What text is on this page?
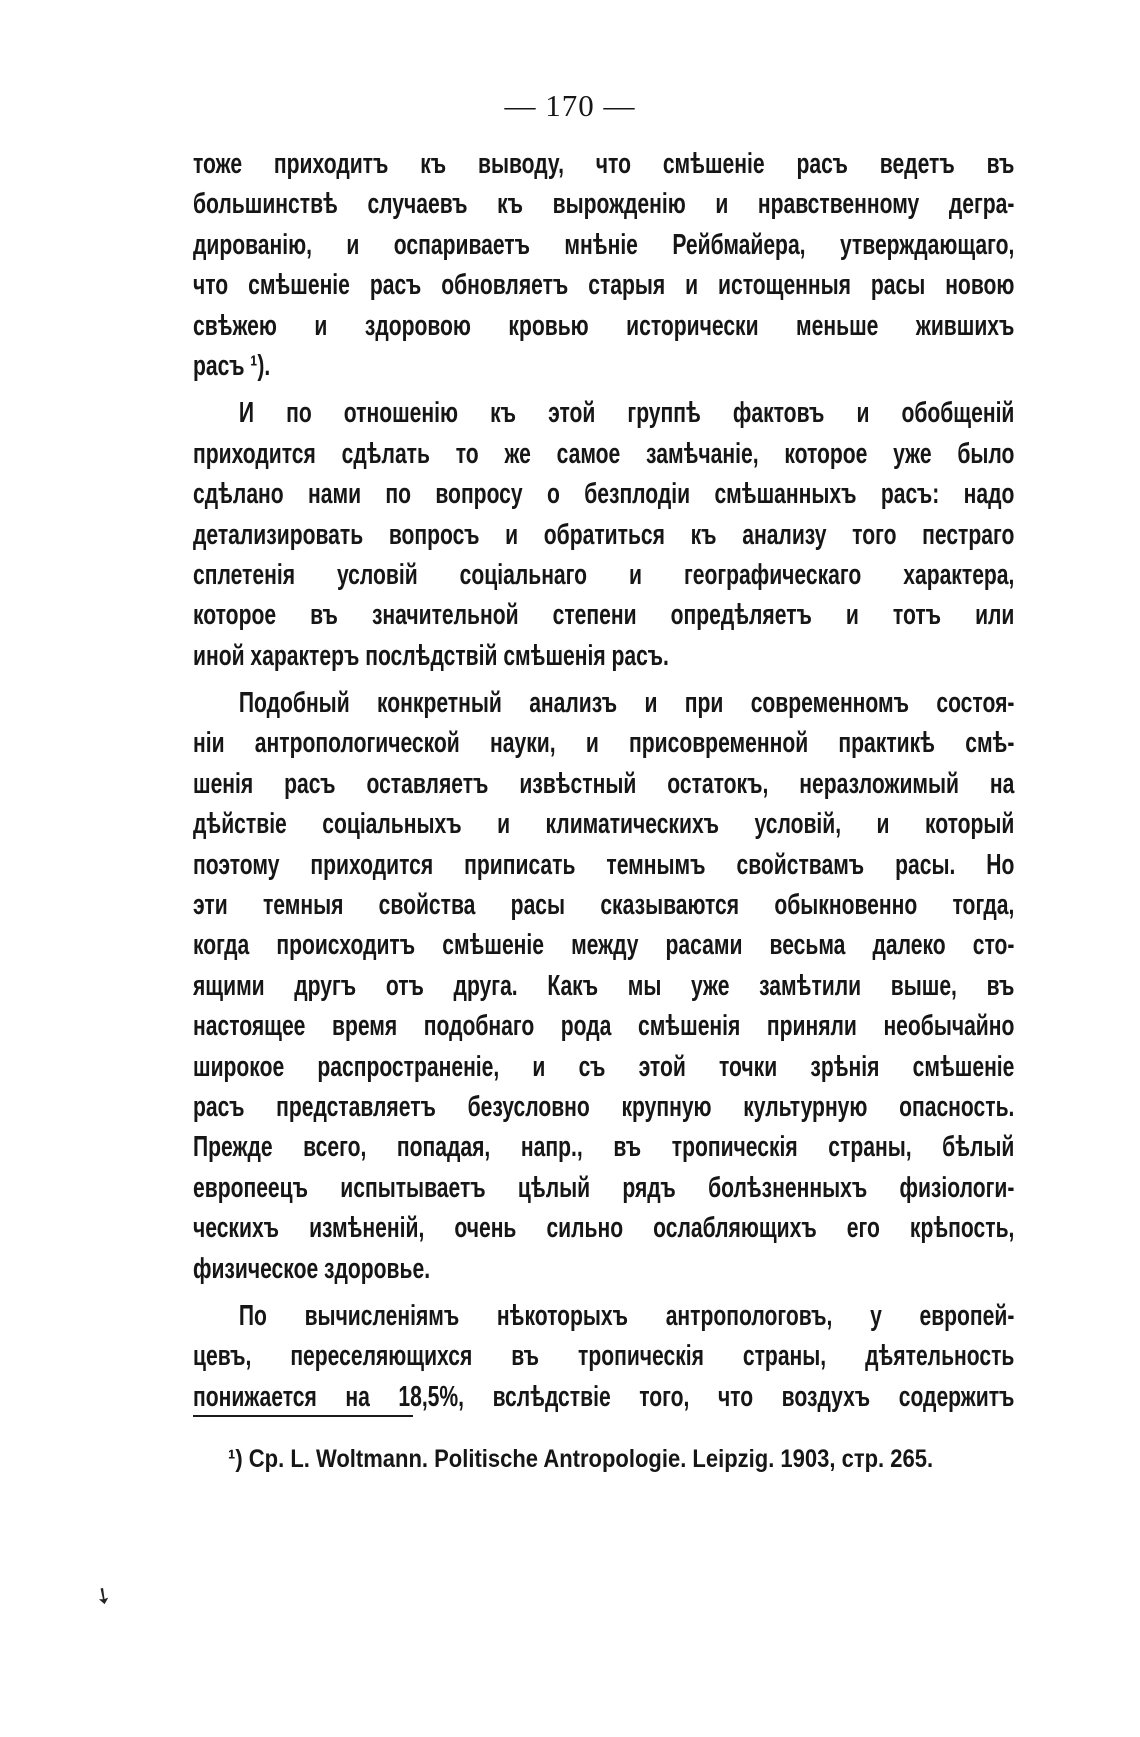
— 170 —
тоже приходитъ къ выводу, что смѣшеніе расъ ведетъ въ
большинствѣ случаевъ къ вырожденію и нравственному дегра-
дированію, и оспариваетъ мнѣніе Рейбмайера, утверждающаго,
что смѣшеніе расъ обновляетъ старыя и истощенныя расы новою
свѣжею и здоровою кровью исторически меньше жившихъ
расъ ¹).
И по отношенію къ этой группѣ фактовъ и обобщеній
приходится сдѣлать то же самое замѣчаніе, которое уже было
сдѣлано нами по вопросу о безплодіи смѣшанныхъ расъ: надо
детализировать вопросъ и обратиться къ анализу того пестраго
сплетенія условій соціальнаго и географическаго характера,
которое въ значительной степени опредѣляетъ и тотъ или
иной характеръ послѣдствій смѣшенія расъ.
Подобный конкретный анализъ и при современномъ состоя-
ніи антропологической науки, и присовременной практикѣ смѣ-
шенія расъ оставляетъ извѣстный остатокъ, неразложимый на
дѣйствіе соціальныхъ и климатическихъ условій, и который
поэтому приходится приписать темнымъ свойствамъ расы. Но
эти темныя свойства расы сказываются обыкновенно тогда,
когда происходитъ смѣшеніе между расами весьма далеко сто-
ящими другъ отъ друга. Какъ мы уже замѣтили выше, въ
настоящее время подобнаго рода смѣшенія приняли необычайно
широкое распространеніе, и съ этой точки зрѣнія смѣшеніе
расъ представляетъ безусловно крупную культурную опасность.
Прежде всего, попадая, напр., въ тропическія страны, бѣлый
европеецъ испытываетъ цѣлый рядъ болѣзненныхъ физіологи-
ческихъ измѣненій, очень сильно ослабляющихъ его крѣпость,
физическое здоровье.
По вычисленіямъ нѣкоторыхъ антропологовъ, у европей-
цевъ, переселяющихся въ тропическія страны, дѣятельность
понижается на 18,5%, вслѣдствіе того, что воздухъ содержитъ
¹) Ср. L. Woltmann. Politische Antropologie. Leipzig. 1903, стр. 265.
➘
